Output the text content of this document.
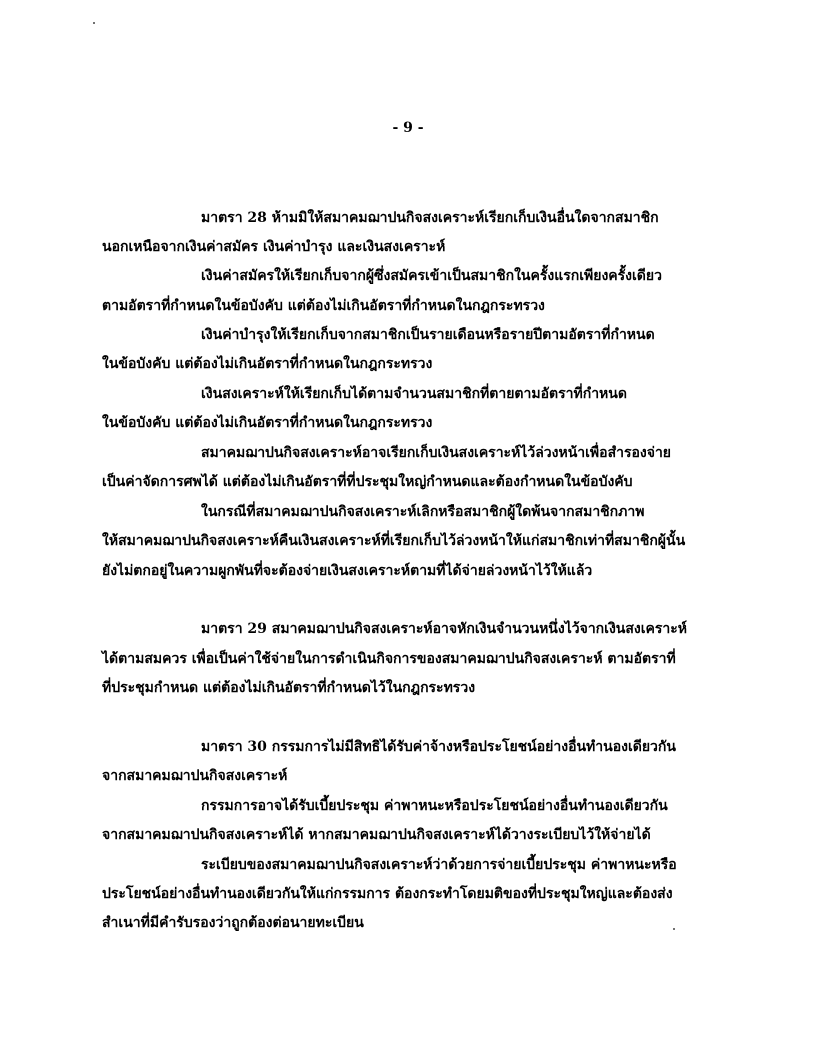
- 9 -
มาตรา 28 ห้ามมิให้สมาคมฌาปนกิจสงเคราะห์เรียกเก็บเงินอื่นใดจากสมาชิก
นอกเหนือจากเงินค่าสมัคร เงินค่าบำรุง และเงินสงเคราะห์
เงินค่าสมัครให้เรียกเก็บจากผู้ซึ่งสมัครเข้าเป็นสมาชิกในครั้งแรกเพียงครั้งเดียว
ตามอัตราที่กำหนดในข้อบังคับ แต่ต้องไม่เกินอัตราที่กำหนดในกฎกระทรวง
เงินค่าบำรุงให้เรียกเก็บจากสมาชิกเป็นรายเดือนหรือรายปีตามอัตราที่กำหนด
ในข้อบังคับ แต่ต้องไม่เกินอัตราที่กำหนดในกฎกระทรวง
เงินสงเคราะห์ให้เรียกเก็บได้ตามจำนวนสมาชิกที่ตายตามอัตราที่กำหนด
ในข้อบังคับ แต่ต้องไม่เกินอัตราที่กำหนดในกฎกระทรวง
สมาคมฌาปนกิจสงเคราะห์อาจเรียกเก็บเงินสงเคราะห์ไว้ล่วงหน้าเพื่อสำรองจ่าย
เป็นค่าจัดการศพได้ แต่ต้องไม่เกินอัตราที่ที่ประชุมใหญ่กำหนดและต้องกำหนดในข้อบังคับ
ในกรณีที่สมาคมฌาปนกิจสงเคราะห์เลิกหรือสมาชิกผู้ใดพ้นจากสมาชิกภาพ
ให้สมาคมฌาปนกิจสงเคราะห์คืนเงินสงเคราะห์ที่เรียกเก็บไว้ล่วงหน้าให้แก่สมาชิกเท่าที่สมาชิกผู้นั้น
ยังไม่ตกอยู่ในความผูกพันที่จะต้องจ่ายเงินสงเคราะห์ตามที่ได้จ่ายล่วงหน้าไว้ให้แล้ว
มาตรา 29 สมาคมฌาปนกิจสงเคราะห์อาจหักเงินจำนวนหนึ่งไว้จากเงินสงเคราะห์
ได้ตามสมควร เพื่อเป็นค่าใช้จ่ายในการดำเนินกิจการของสมาคมฌาปนกิจสงเคราะห์ ตามอัตราที่
ที่ประชุมกำหนด แต่ต้องไม่เกินอัตราที่กำหนดไว้ในกฎกระทรวง
มาตรา 30 กรรมการไม่มีสิทธิได้รับค่าจ้างหรือประโยชน์อย่างอื่นทำนองเดียวกัน
จากสมาคมฌาปนกิจสงเคราะห์
กรรมการอาจได้รับเบี้ยประชุม ค่าพาหนะหรือประโยชน์อย่างอื่นทำนองเดียวกัน
จากสมาคมฌาปนกิจสงเคราะห์ได้ หากสมาคมฌาปนกิจสงเคราะห์ได้วางระเบียบไว้ให้จ่ายได้
ระเบียบของสมาคมฌาปนกิจสงเคราะห์ว่าด้วยการจ่ายเบี้ยประชุม ค่าพาหนะหรือ
ประโยชน์อย่างอื่นทำนองเดียวกันให้แก่กรรมการ ต้องกระทำโดยมติของที่ประชุมใหญ่และต้องส่ง
สำเนาที่มีคำรับรองว่าถูกต้องต่อนายทะเบียน
